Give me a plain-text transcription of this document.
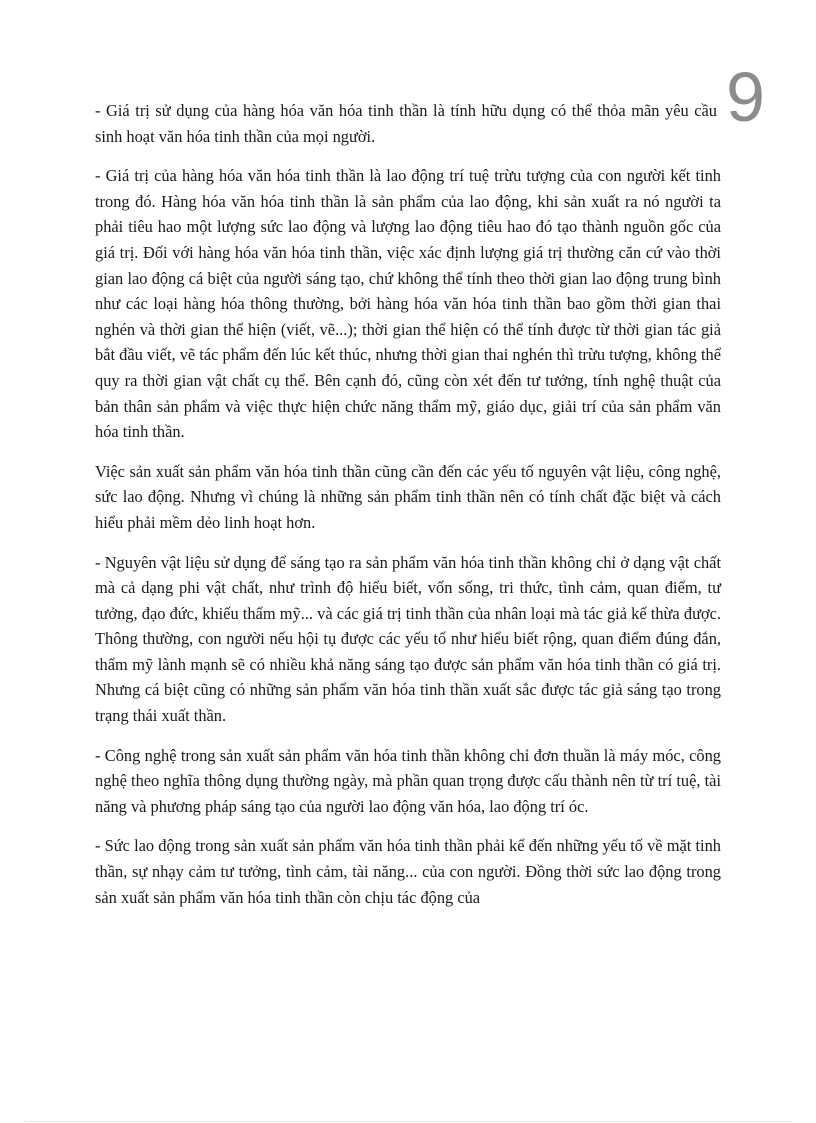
9

- Giá trị sử dụng của hàng hóa văn hóa tinh thần là tính hữu dụng có thể thỏa mãn yêu cầu sinh hoạt văn hóa tinh thần của mọi người.

- Giá trị của hàng hóa văn hóa tinh thần là lao động trí tuệ trừu tượng của con người kết tinh trong đó. Hàng hóa văn hóa tinh thần là sản phẩm của lao động, khi sản xuất ra nó người ta phải tiêu hao một lượng sức lao động và lượng lao động tiêu hao đó tạo thành nguồn gốc của giá trị. Đối với hàng hóa văn hóa tinh thần, việc xác định lượng giá trị thường căn cứ vào thời gian lao động cá biệt của người sáng tạo, chứ không thể tính theo thời gian lao động trung bình như các loại hàng hóa thông thường, bởi hàng hóa văn hóa tinh thần bao gồm thời gian thai nghén và thời gian thể hiện (viết, vẽ...); thời gian thể hiện có thể tính được từ thời gian tác giả bắt đầu viết, vẽ tác phẩm đến lúc kết thúc, nhưng thời gian thai nghén thì trừu tượng, không thể quy ra thời gian vật chất cụ thể. Bên cạnh đó, cũng còn xét đến tư tưởng, tính nghệ thuật của bản thân sản phẩm và việc thực hiện chức năng thẩm mỹ, giáo dục, giải trí của sản phẩm văn hóa tinh thần.

Việc sản xuất sản phẩm văn hóa tinh thần cũng cần đến các yếu tố nguyên vật liệu, công nghệ, sức lao động. Nhưng vì chúng là những sản phẩm tinh thần nên có tính chất đặc biệt và cách hiểu phải mềm dẻo linh hoạt hơn.

- Nguyên vật liệu sử dụng để sáng tạo ra sản phẩm văn hóa tinh thần không chỉ ở dạng vật chất mà cả dạng phi vật chất, như trình độ hiểu biết, vốn sống, tri thức, tình cảm, quan điểm, tư tưởng, đạo đức, khiếu thẩm mỹ... và các giá trị tinh thần của nhân loại mà tác giả kế thừa được. Thông thường, con người nếu hội tụ được các yếu tố như hiểu biết rộng, quan điểm đúng đắn, thẩm mỹ lành mạnh sẽ có nhiều khả năng sáng tạo được sản phẩm văn hóa tinh thần có giá trị. Nhưng cá biệt cũng có những sản phẩm văn hóa tinh thần xuất sắc được tác giả sáng tạo trong trạng thái xuất thần.

- Công nghệ trong sản xuất sản phẩm văn hóa tinh thần không chỉ đơn thuần là máy móc, công nghệ theo nghĩa thông dụng thường ngày, mà phần quan trọng được cấu thành nên từ trí tuệ, tài năng và phương pháp sáng tạo của người lao động văn hóa, lao động trí óc.

- Sức lao động trong sản xuất sản phẩm văn hóa tinh thần phải kể đến những yếu tố về mặt tinh thần, sự nhạy cảm tư tưởng, tình cảm, tài năng... của con người. Đồng thời sức lao động trong sản xuất sản phẩm văn hóa tinh thần còn chịu tác động của
